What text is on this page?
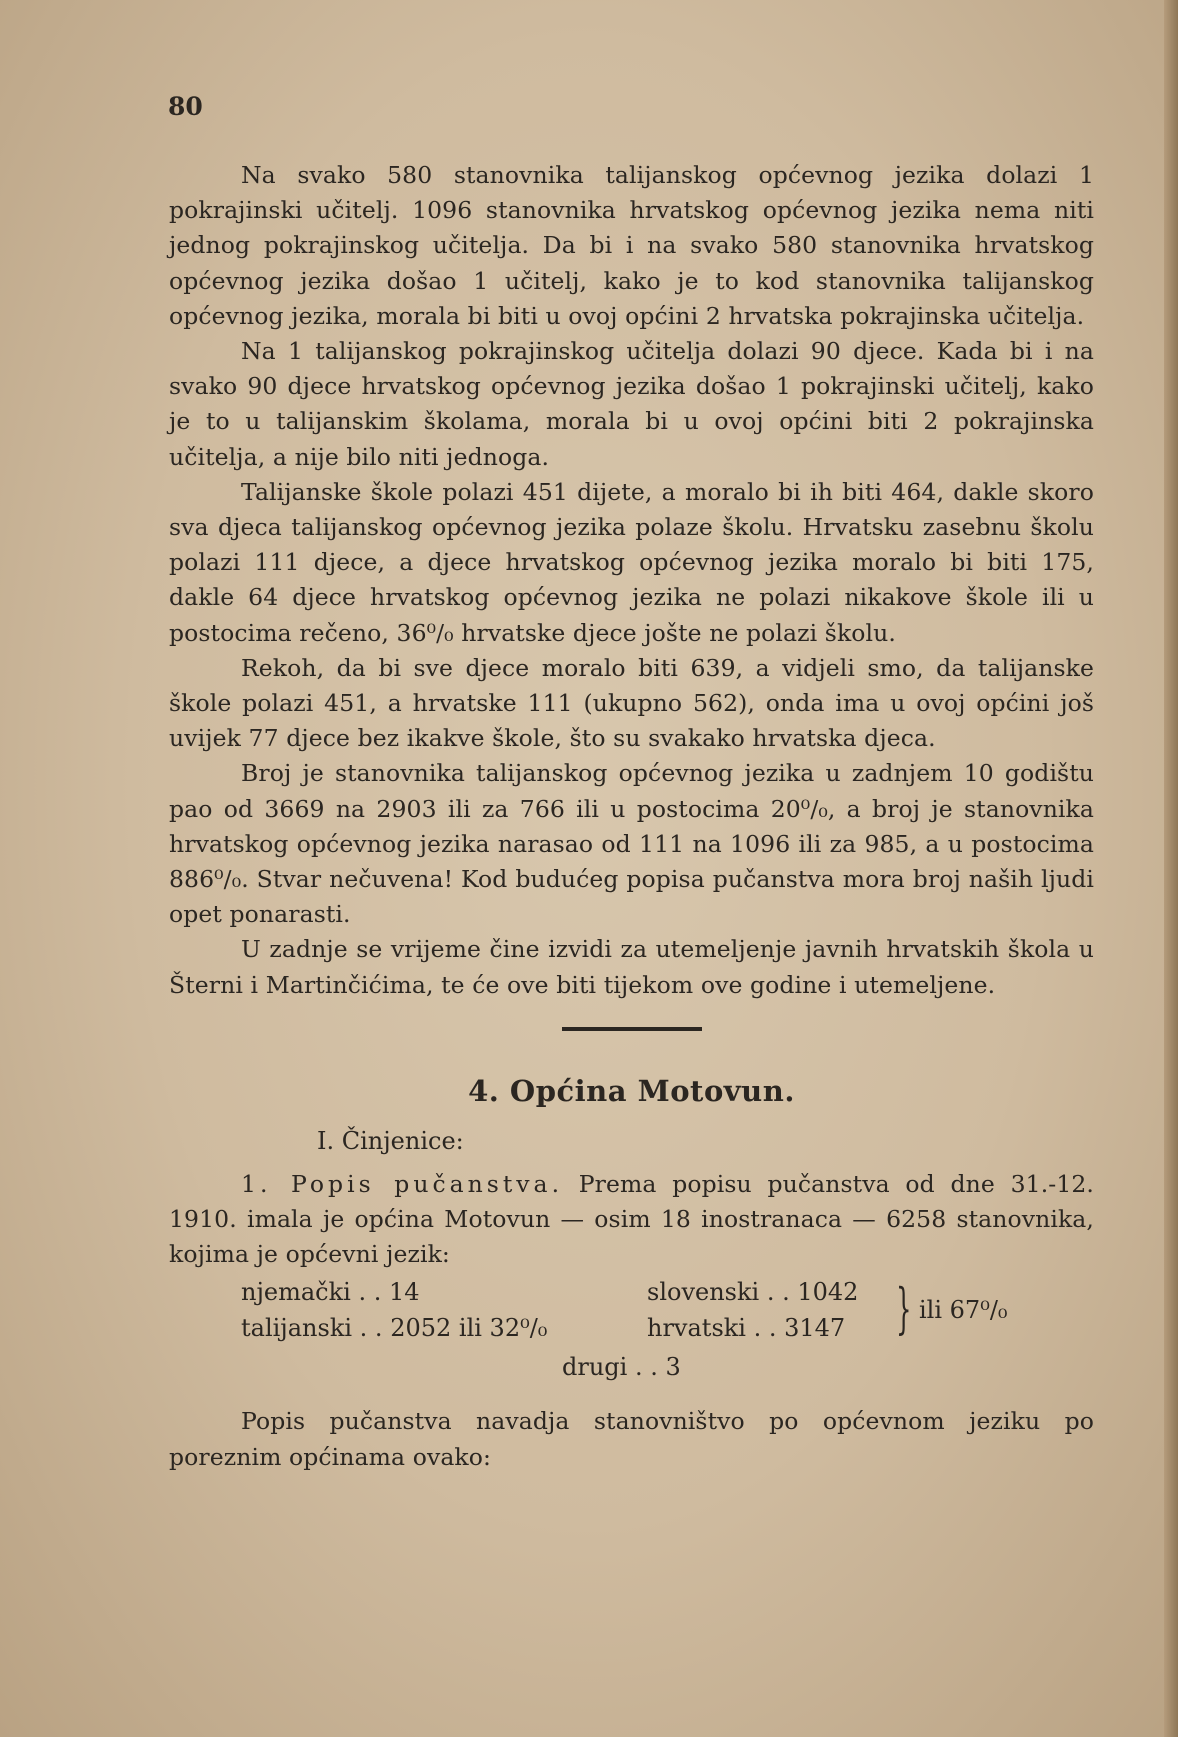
80

Na svako 580 stanovnika talijanskog općevnog jezika dolazi 1 pokrajinski učitelj. 1096 stanovnika hrvatskog općevnog jezika nema niti jednog pokrajinskog učitelja. Da bi i na svako 580 stanovnika hrvatskog općevnog jezika došao 1 učitelj, kako je to kod stanovnika talijanskog općevnog jezika, morala bi biti u ovoj općini 2 hrvatska pokrajinska učitelja.

Na 1 talijanskog pokrajinskog učitelja dolazi 90 djece. Kada bi i na svako 90 djece hrvatskog općevnog jezika došao 1 pokrajinski učitelj, kako je to u talijanskim školama, morala bi u ovoj općini biti 2 pokrajinska učitelja, a nije bilo niti jednoga.

Talijanske škole polazi 451 dijete, a moralo bi ih biti 464, dakle skoro sva djeca talijanskog općevnog jezika polaze školu. Hrvatsku zasebnu školu polazi 111 djece, a djece hrvatskog općevnog jezika moralo bi biti 175, dakle 64 djece hrvatskog općevnog jezika ne polazi nikakove škole ili u postocima rečeno, 36⁰/₀ hrvatske djece jošte ne polazi školu.

Rekoh, da bi sve djece moralo biti 639, a vidjeli smo, da talijanske škole polazi 451, a hrvatske 111 (ukupno 562), onda ima u ovoj općini još uvijek 77 djece bez ikakve škole, što su svakako hrvatska djeca.

Broj je stanovnika talijanskog općevnog jezika u zadnjem 10 godištu pao od 3669 na 2903 ili za 766 ili u postocima 20⁰/₀, a broj je stanovnika hrvatskog općevnog jezika narasao od 111 na 1096 ili za 985, a u postocima 886⁰/₀. Stvar nečuvena! Kod budućeg popisa pučanstva mora broj naših ljudi opet ponarasti.

U zadnje se vrijeme čine izvidi za utemeljenje javnih hrvatskih škola u Šterni i Martinčićima, te će ove biti tijekom ove godine i utemeljene.

4. Općina Motovun.
I. Činjenice:

1. Popis pučanstva. Prema popisu pučanstva od dne 31.-12. 1910. imala je općina Motovun — osim 18 inostranaca — 6258 stanovnika, kojima je općevni jezik:

njemački . . 14
talijanski . . 2052 ili 32⁰/₀
slovenski . . 1042
hrvatski . . 3147 } ili 67⁰/₀
drugi . . 3

Popis pučanstva navadja stanovništvo po općevnom jeziku po poreznim općinama ovako:
